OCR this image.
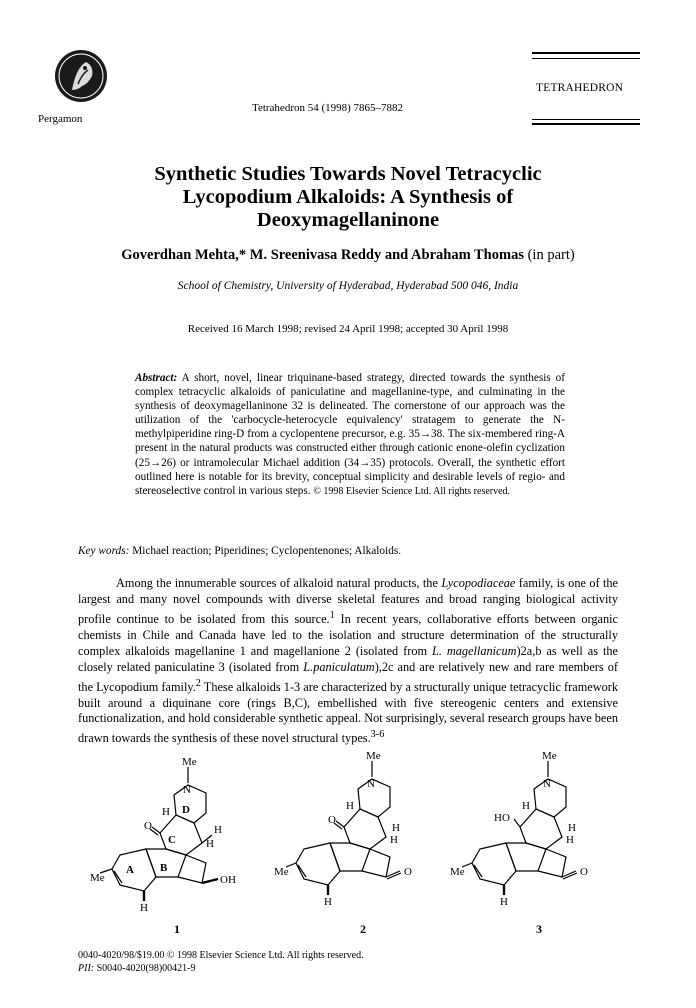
Pergamon
Tetrahedron 54 (1998) 7865–7882
TETRAHEDRON
Synthetic Studies Towards Novel Tetracyclic
Lycopodium Alkaloids: A Synthesis of
Deoxymagellaninone
Goverdhan Mehta,* M. Sreenivasa Reddy and Abraham Thomas (in part)
School of Chemistry, University of Hyderabad, Hyderabad 500 046, India
Received 16 March 1998; revised 24 April 1998; accepted 30 April 1998
Abstract: A short, novel, linear triquinane-based strategy, directed towards the synthesis of complex tetracyclic alkaloids of paniculatine and magellanine-type, and culminating in the synthesis of deoxymagellaninone 32 is delineated. The cornerstone of our approach was the utilization of the 'carbocycle-heterocycle equivalency' stratagem to generate the N-methylpiperidine ring-D from a cyclopentene precursor, e.g. 35→38. The six-membered ring-A present in the natural products was constructed either through cationic enone-olefin cyclization (25→26) or intramolecular Michael addition (34→35) protocols. Overall, the synthetic effort outlined here is notable for its brevity, conceptual simplicity and desirable levels of regio- and stereoselective control in various steps. © 1998 Elsevier Science Ltd. All rights reserved.
Key words: Michael reaction; Piperidines; Cyclopentenones; Alkaloids.
Among the innumerable sources of alkaloid natural products, the Lycopodiaceae family, is one of the largest and many novel compounds with diverse skeletal features and broad ranging biological activity profile continue to be isolated from this source.$^1$ In recent years, collaborative efforts between organic chemists in Chile and Canada have led to the isolation and structure determination of the structurally complex alkaloids magellanine 1 and magellanione 2 (isolated from L. magellanicum)2a,b as well as the closely related paniculatine 3 (isolated from L.paniculatum),2c and are relatively new and rare members of the Lycopodium family.$^2$ These alkaloids 1-3 are characterized by a structurally unique tetracyclic framework built around a diquinane core (rings B,C), embellished with five stereogenic centers and extensive functionalization, and hold considerable synthetic appeal. Not surprisingly, several research groups have been drawn towards the synthesis of these novel structural types.$^{3-6}$
Me
N
H D
O
C
H
H
A B
OH
Me
H
1
Me
N
H
O
H
H
O
Me
H
2
Me
N
H
HO
H
H
O
Me
H
3
0040-4020/98/$19.00 © 1998 Elsevier Science Ltd. All rights reserved.
PII: S0040-4020(98)00421-9
